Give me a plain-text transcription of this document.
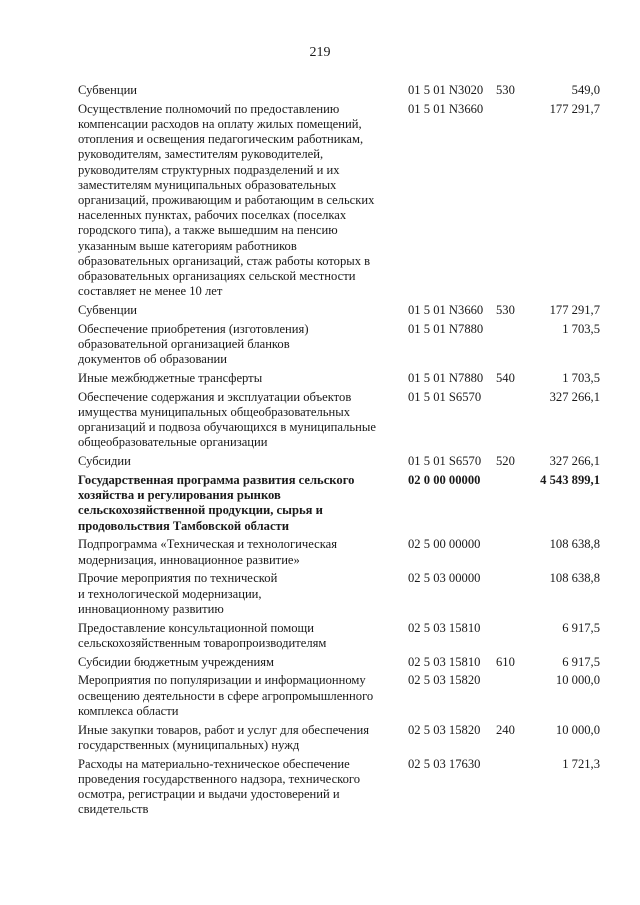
219
Субвенции	01 5 01 N3020	530	549,0
Осуществление полномочий по предоставлению
компенсации расходов на оплату жилых помещений,
отопления и освещения педагогическим работникам,
руководителям, заместителям руководителей,
руководителям структурных подразделений и их
заместителям муниципальных образовательных
организаций, проживающим и работающим в сельских
населенных пунктах, рабочих поселках (поселках
городского типа), а также вышедшим на пенсию
указанным выше категориям работников
образовательных организаций, стаж работы которых в
образовательных организациях сельской местности
составляет не менее 10 лет
01 5 01 N3660	177 291,7
Субвенции	01 5 01 N3660	530	177 291,7
Обеспечение приобретения (изготовления)
образовательной организацией бланков
документов об образовании
01 5 01 N7880	1 703,5
Иные межбюджетные трансферты	01 5 01 N7880	540	1 703,5
Обеспечение содержания и эксплуатации объектов
имущества муниципальных общеобразовательных
организаций и подвоза обучающихся в муниципальные
общеобразовательные организации
01 5 01 S6570	327 266,1
Субсидии	01 5 01 S6570	520	327 266,1
Государственная программа развития сельского
хозяйства и регулирования рынков
сельскохозяйственной продукции, сырья и
продовольствия Тамбовской области
02 0 00 00000	4 543 899,1
Подпрограмма «Техническая и технологическая
модернизация, инновационное развитие»
02 5 00 00000	108 638,8
Прочие мероприятия по технической
и технологической модернизации,
инновационному развитию
02 5 03 00000	108 638,8
Предоставление консультационной помощи
сельскохозяйственным товаропроизводителям
02 5 03 15810	6 917,5
Субсидии бюджетным учреждениям	02 5 03 15810	610	6 917,5
Мероприятия по популяризации и информационному
освещению деятельности в сфере агропромышленного
комплекса области
02 5 03 15820	10 000,0
Иные закупки товаров, работ и услуг для обеспечения
государственных (муниципальных) нужд
02 5 03 15820	240	10 000,0
Расходы на материально-техническое обеспечение
проведения государственного надзора, технического
осмотра, регистрации и выдачи удостоверений и
свидетельств
02 5 03 17630	1 721,3
